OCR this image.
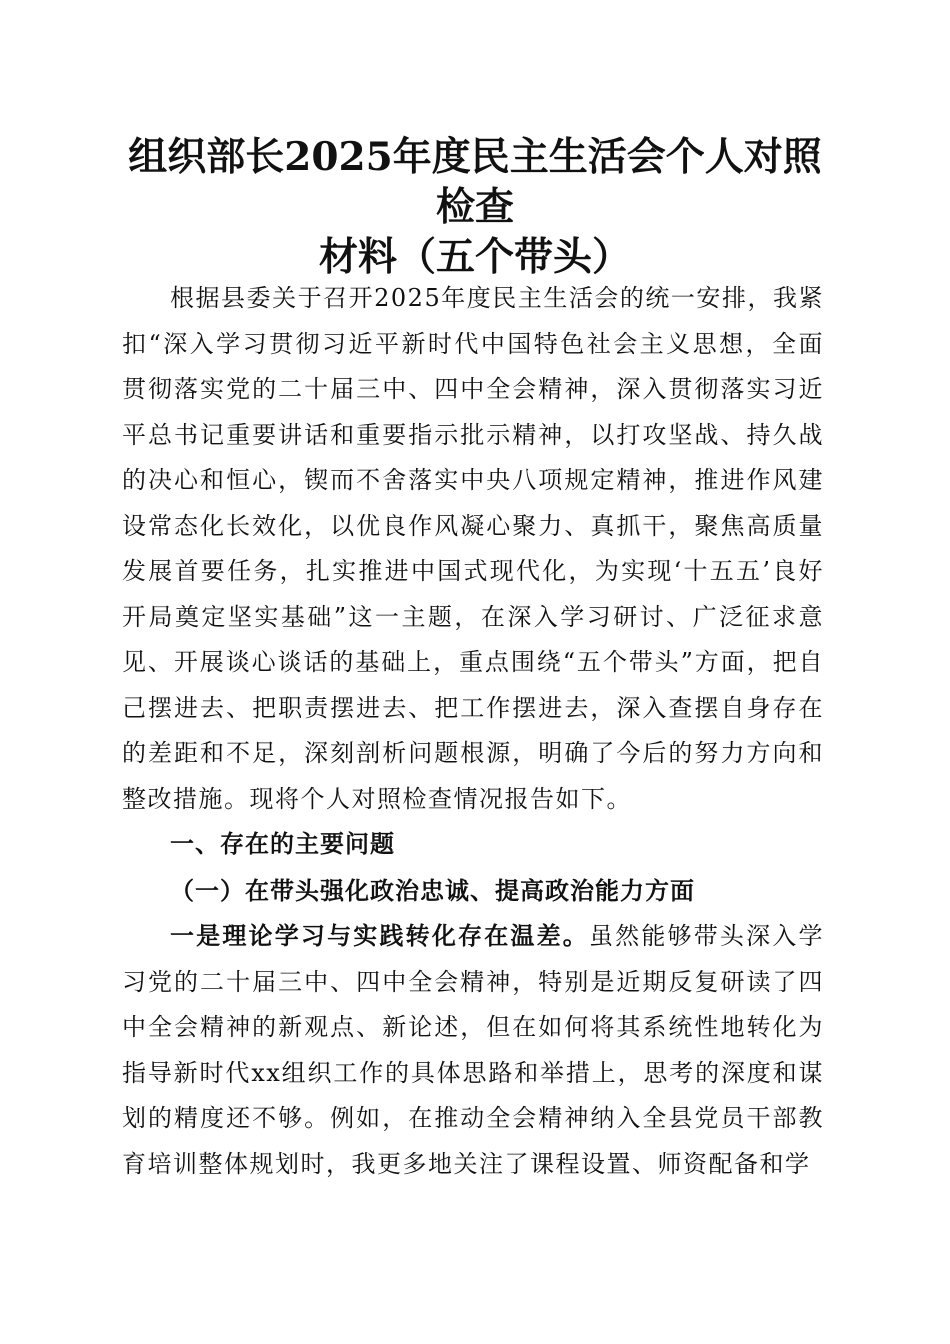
组织部长2025年度民主生活会个人对照检查
材料（五个带头）

根据县委关于召开2025年度民主生活会的统一安排，我紧扣“深入学习贯彻习近平新时代中国特色社会主义思想，全面贯彻落实党的二十届三中、四中全会精神，深入贯彻落实习近平总书记重要讲话和重要指示批示精神，以打攻坚战、持久战的决心和恒心，锲而不舍落实中央八项规定精神，推进作风建设常态化长效化，以优良作风凝心聚力、真抓干，聚焦高质量发展首要任务，扎实推进中国式现代化，为实现‘十五五’良好开局奠定坚实基础”这一主题，在深入学习研讨、广泛征求意见、开展谈心谈话的基础上，重点围绕“五个带头”方面，把自己摆进去、把职责摆进去、把工作摆进去，深入查摆自身存在的差距和不足，深刻剖析问题根源，明确了今后的努力方向和整改措施。现将个人对照检查情况报告如下。

一、存在的主要问题

（一）在带头强化政治忠诚、提高政治能力方面

一是理论学习与实践转化存在温差。虽然能够带头深入学习党的二十届三中、四中全会精神，特别是近期反复研读了四中全会精神的新观点、新论述，但在如何将其系统性地转化为指导新时代xx组织工作的具体思路和举措上，思考的深度和谋划的精度还不够。例如，在推动全会精神纳入全县党员干部教育培训整体规划时，我更多地关注了课程设置、师资配备和学
